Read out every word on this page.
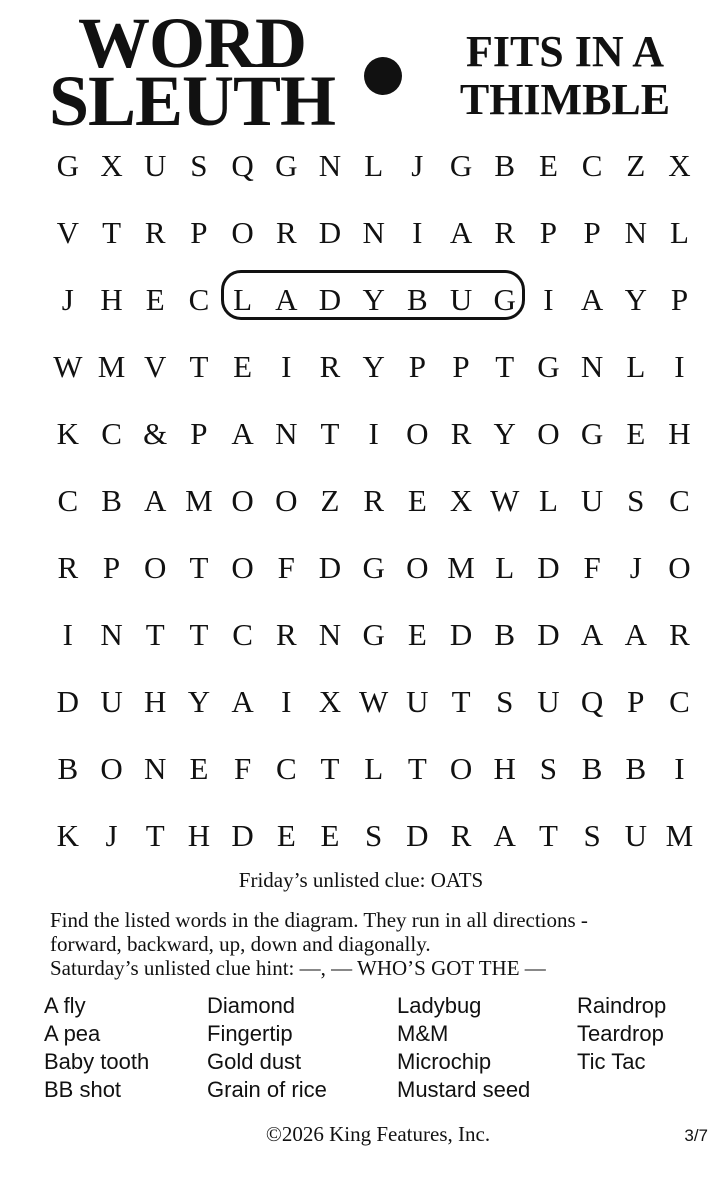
WORD
SLEUTH
FITS IN A
THIMBLE
G X U S Q G N L J G B E C Z X
V T R P O R D N I A R P P N L
J H E C L A D Y B U G I A Y P
W M V T E I R Y P P T G N L I
K C & P A N T I O R Y O G E H
C B A M O O Z R E X W L U S C
R P O T O F D G O M L D F J O
I N T T C R N G E D B D A A R
D U H Y A I X W U T S U Q P C
B O N E F C T L T O H S B B I
K J T H D E E S D R A T S U M
Friday’s unlisted clue: OATS
Find the listed words in the diagram. They run in all directions -
forward, backward, up, down and diagonally.
Saturday’s unlisted clue hint: —, — WHO’S GOT THE —
A fly
A pea
Baby tooth
BB shot
Diamond
Fingertip
Gold dust
Grain of rice
Ladybug
M&M
Microchip
Mustard seed
Raindrop
Teardrop
Tic Tac
©2026 King Features, Inc.	3/7
